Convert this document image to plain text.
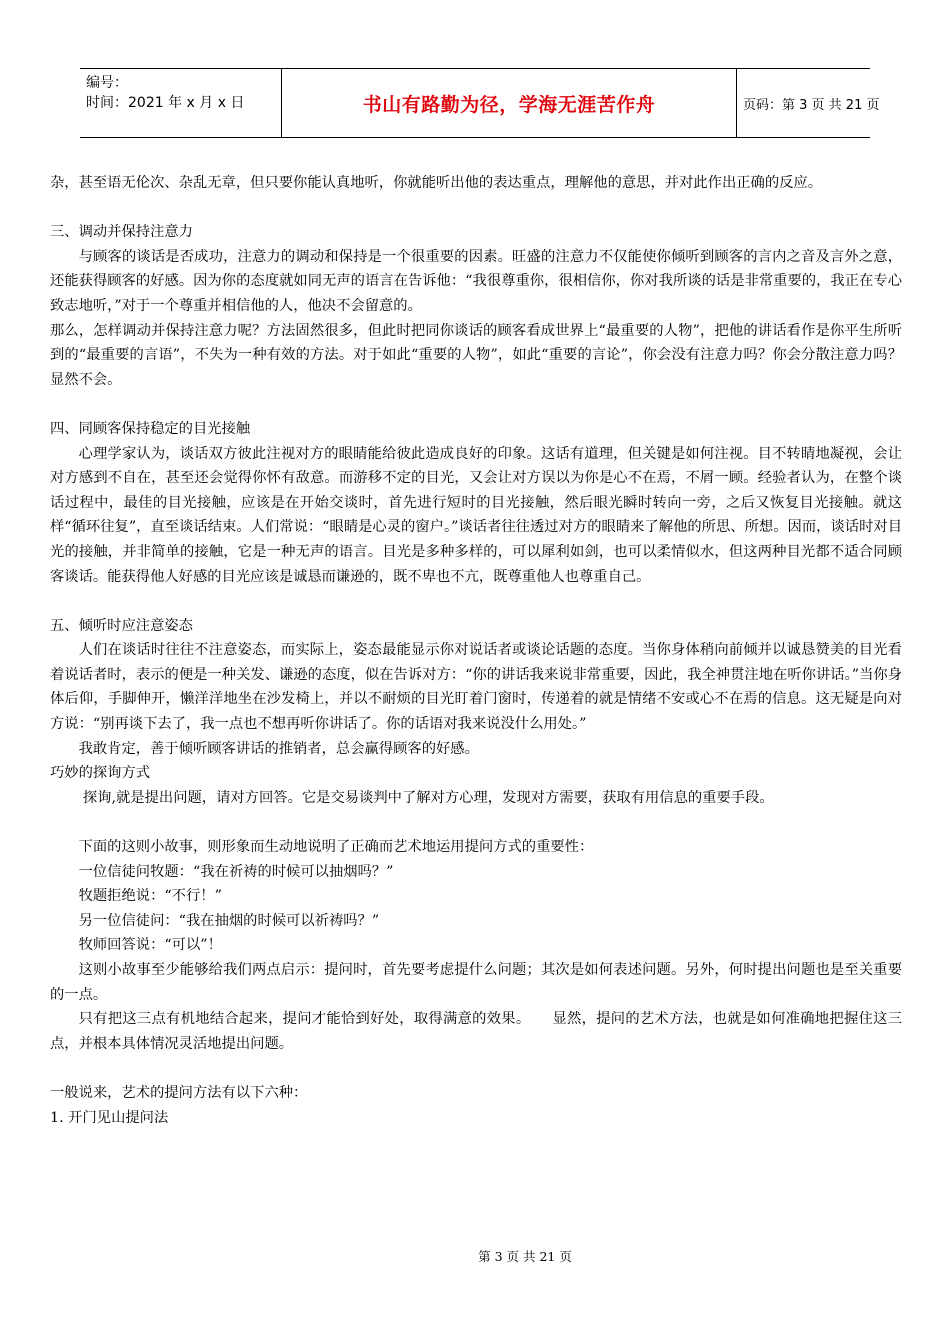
编号：
时间：2021 年 x 月 x 日	书山有路勤为径，学海无涯苦作舟	页码：第 3 页 共 21 页

杂，甚至语无伦次、杂乱无章，但只要你能认真地听，你就能听出他的表达重点，理解他的意思，并对此作出正确的反应。

三、调动并保持注意力

与顾客的谈话是否成功，注意力的调动和保持是一个很重要的因素。旺盛的注意力不仅能使你倾听到顾客的言内之音及言外之意，还能获得顾客的好感。因为你的态度就如同无声的语言在告诉他：“我很尊重你，很相信你，你对我所谈的话是非常重要的，我正在专心致志地听，”对于一个尊重并相信他的人，他决不会留意的。

那么，怎样调动并保持注意力呢？方法固然很多，但此时把同你谈话的顾客看成世界上“最重要的人物”，把他的讲话看作是你平生所听到的“最重要的言语”，不失为一种有效的方法。对于如此“重要的人物”，如此“重要的言论”，你会没有注意力吗？你会分散注意力吗？显然不会。

四、同顾客保持稳定的目光接触

心理学家认为，谈话双方彼此注视对方的眼睛能给彼此造成良好的印象。这话有道理，但关键是如何注视。目不转睛地凝视，会让对方感到不自在，甚至还会觉得你怀有敌意。而游移不定的目光，又会让对方误以为你是心不在焉，不屑一顾。经验者认为，在整个谈话过程中，最佳的目光接触，应该是在开始交谈时，首先进行短时的目光接触，然后眼光瞬时转向一旁，之后又恢复目光接触。就这样“循环往复”，直至谈话结束。人们常说：“眼睛是心灵的窗户。”谈话者往往透过对方的眼睛来了解他的所思、所想。因而，谈话时对目光的接触，并非简单的接触，它是一种无声的语言。目光是多种多样的，可以犀利如剑，也可以柔情似水，但这两种目光都不适合同顾客谈话。能获得他人好感的目光应该是诚恳而谦逊的，既不卑也不亢，既尊重他人也尊重自己。

五、倾听时应注意姿态

人们在谈话时往往不注意姿态，而实际上，姿态最能显示你对说话者或谈论话题的态度。当你身体稍向前倾并以诚恳赞美的目光看着说话者时，表示的便是一种关发、谦逊的态度，似在告诉对方：“你的讲话我来说非常重要，因此，我全神贯注地在听你讲话。”当你身体后仰，手脚伸开，懒洋洋地坐在沙发椅上，并以不耐烦的目光盯着门窗时，传递着的就是情绪不安或心不在焉的信息。这无疑是向对方说：“别再谈下去了，我一点也不想再听你讲话了。你的话语对我来说没什么用处。”

我敢肯定，善于倾听顾客讲话的推销者，总会赢得顾客的好感。

巧妙的探询方式

探询,就是提出问题，请对方回答。它是交易谈判中了解对方心理，发现对方需要，获取有用信息的重要手段。

下面的这则小故事，则形象而生动地说明了正确而艺术地运用提问方式的重要性：

一位信徒问牧题：“我在祈祷的时候可以抽烟吗？”

牧题拒绝说：“不行！”

另一位信徒问：“我在抽烟的时候可以祈祷吗？”

牧师回答说：“可以”！

这则小故事至少能够给我们两点启示：提问时，首先要考虑提什么问题；其次是如何表述问题。另外，何时提出问题也是至关重要的一点。

只有把这三点有机地结合起来，提问才能恰到好处，取得满意的效果。　　显然，提问的艺术方法，也就是如何准确地把握住这三点，并根本具体情况灵活地提出问题。

一般说来，艺术的提问方法有以下六种：

1. 开门见山提问法

第 3 页 共 21 页
